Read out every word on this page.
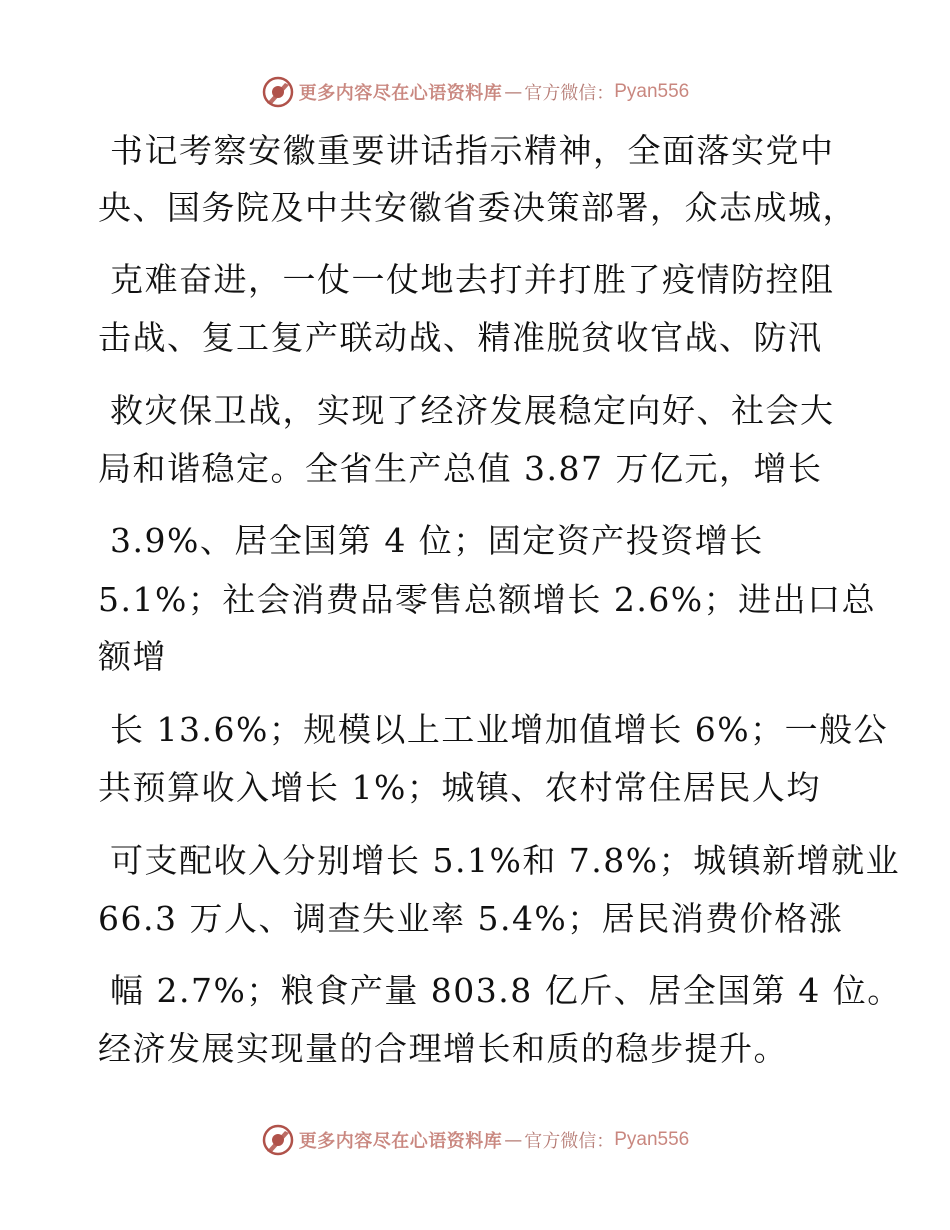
更多内容尽在心语资料库 — 官方微信： Pyan556
书记考察安徽重要讲话指示精神，全面落实党中
央、国务院及中共安徽省委决策部署，众志成城，
克难奋进，一仗一仗地去打并打胜了疫情防控阻
击战、复工复产联动战、精准脱贫收官战、防汛
救灾保卫战，实现了经济发展稳定向好、社会大
局和谐稳定。全省生产总值 3.87 万亿元，增长
3.9%、居全国第 4 位；固定资产投资增长
5.1%；社会消费品零售总额增长 2.6%；进出口总
额增
长 13.6%；规模以上工业增加值增长 6%；一般公
共预算收入增长 1%；城镇、农村常住居民人均
可支配收入分别增长 5.1%和 7.8%；城镇新增就业
66.3 万人、调查失业率 5.4%；居民消费价格涨
幅 2.7%；粮食产量 803.8 亿斤、居全国第 4 位。
经济发展实现量的合理增长和质的稳步提升。
更多内容尽在心语资料库 — 官方微信： Pyan556
